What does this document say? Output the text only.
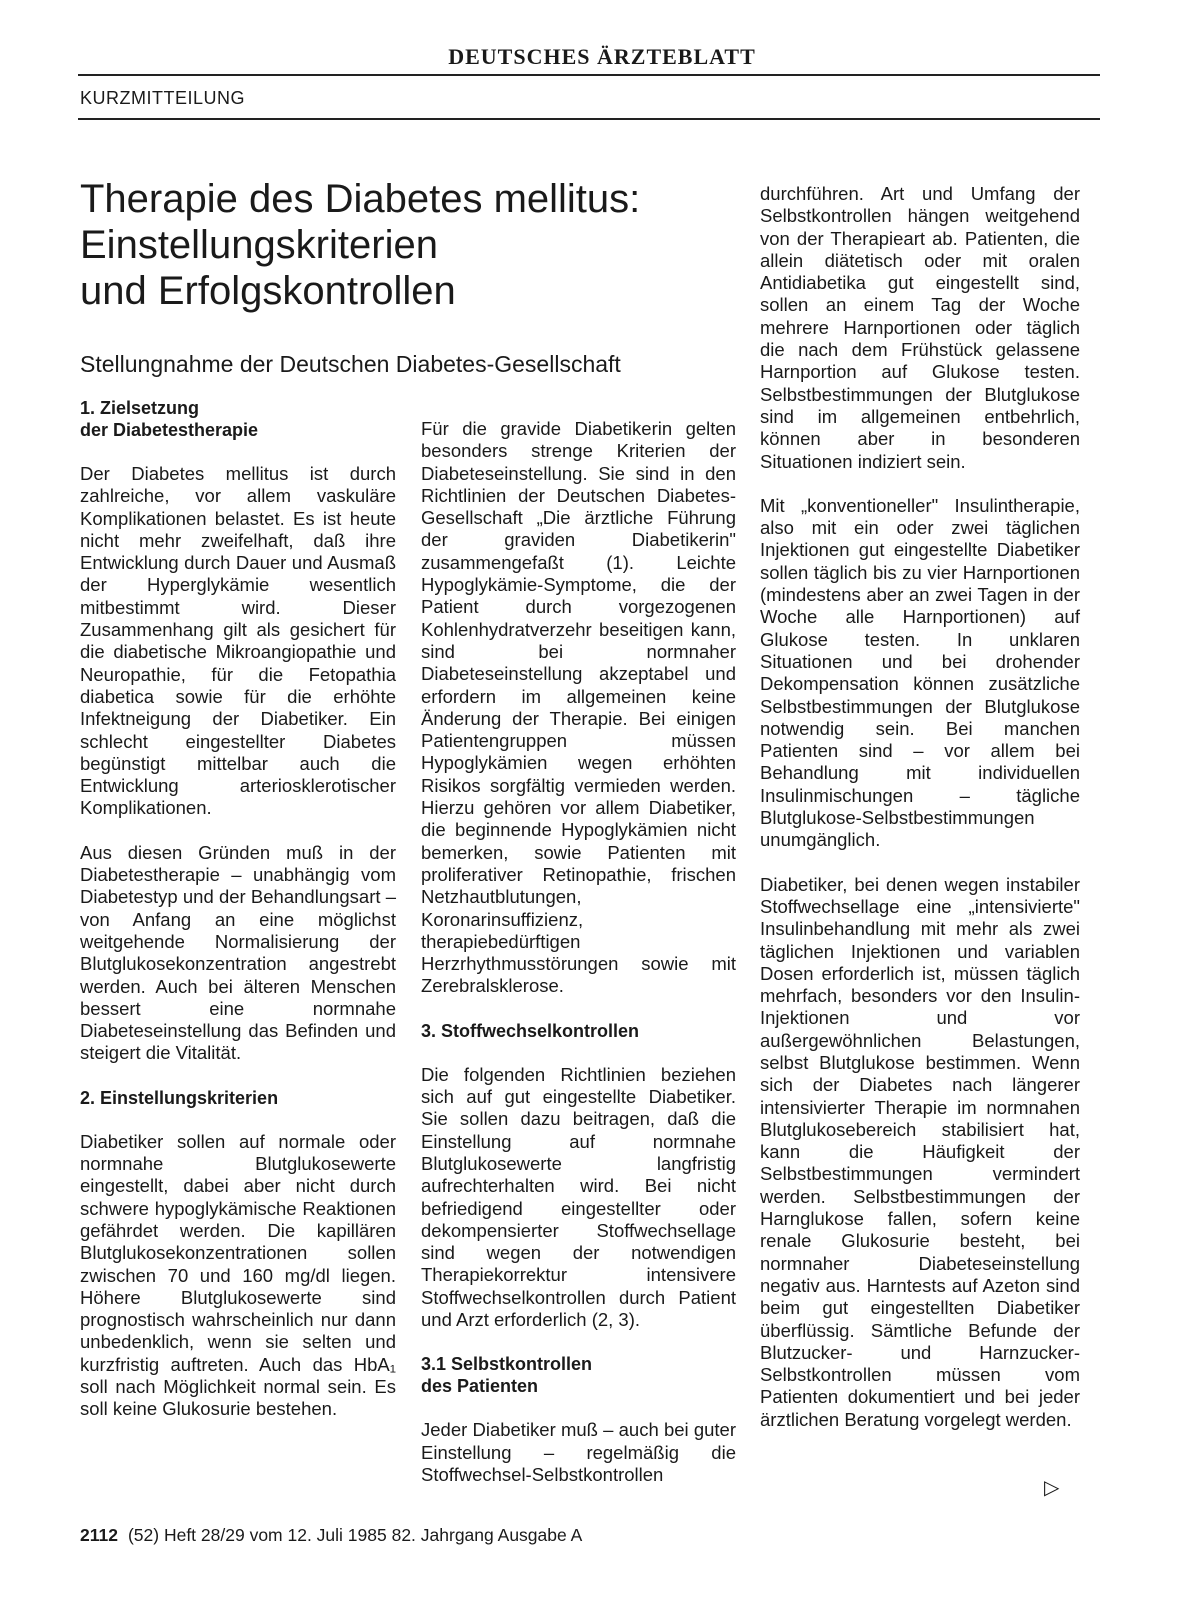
DEUTSCHES ÄRZTEBLATT
KURZMITTEILUNG
Therapie des Diabetes mellitus:
Einstellungskriterien
und Erfolgskontrollen
Stellungnahme der Deutschen Diabetes-Gesellschaft
1. Zielsetzung
der Diabetestherapie

Der Diabetes mellitus ist durch zahlreiche, vor allem vaskuläre Komplikationen belastet. Es ist heute nicht mehr zweifelhaft, daß ihre Entwicklung durch Dauer und Ausmaß der Hyperglykämie wesentlich mitbestimmt wird. Dieser Zusammenhang gilt als gesichert für die diabetische Mikroangiopathie und Neuropathie, für die Fetopathia diabetica sowie für die erhöhte Infektneigung der Diabetiker. Ein schlecht eingestellter Diabetes begünstigt mittelbar auch die Entwicklung arteriosklerotischer Komplikationen.

Aus diesen Gründen muß in der Diabetestherapie – unabhängig vom Diabetestyp und der Behandlungsart – von Anfang an eine möglichst weitgehende Normalisierung der Blutglukosekonzentration angestrebt werden. Auch bei älteren Menschen bessert eine normnahe Diabeteseinstellung das Befinden und steigert die Vitalität.

2. Einstellungskriterien

Diabetiker sollen auf normale oder normnahe Blutglukosewerte eingestellt, dabei aber nicht durch schwere hypoglykämische Reaktionen gefährdet werden. Die kapillären Blutglukosekonzentrationen sollen zwischen 70 und 160 mg/dl liegen. Höhere Blutglukosewerte sind prognostisch wahrscheinlich nur dann unbedenklich, wenn sie selten und kurzfristig auftreten. Auch das HbA₁ soll nach Möglichkeit normal sein. Es soll keine Glukosurie bestehen.

Für die gravide Diabetikerin gelten besonders strenge Kriterien der Diabeteseinstellung. Sie sind in den Richtlinien der Deutschen Diabetes-Gesellschaft „Die ärztliche Führung der graviden Diabetikerin" zusammengefaßt (1). Leichte Hypoglykämie-Symptome, die der Patient durch vorgezogenen Kohlenhydratverzehr beseitigen kann, sind bei normnaher Diabeteseinstellung akzeptabel und erfordern im allgemeinen keine Änderung der Therapie. Bei einigen Patientengruppen müssen Hypoglykämien wegen erhöhten Risikos sorgfältig vermieden werden. Hierzu gehören vor allem Diabetiker, die beginnende Hypoglykämien nicht bemerken, sowie Patienten mit proliferativer Retinopathie, frischen Netzhautblutungen, Koronarinsuffizienz, therapiebedürftigen Herzrhythmusstörungen sowie mit Zerebralsklerose.

3. Stoffwechselkontrollen

Die folgenden Richtlinien beziehen sich auf gut eingestellte Diabetiker. Sie sollen dazu beitragen, daß die Einstellung auf normnahe Blutglukosewerte langfristig aufrechterhalten wird. Bei nicht befriedigend eingestellter oder dekompensierter Stoffwechsellage sind wegen der notwendigen Therapiekorrektur intensivere Stoffwechselkontrollen durch Patient und Arzt erforderlich (2, 3).

3.1 Selbstkontrollen
des Patienten

Jeder Diabetiker muß – auch bei guter Einstellung – regelmäßig die Stoffwechsel-Selbstkontrollen

durchführen. Art und Umfang der Selbstkontrollen hängen weitgehend von der Therapieart ab. Patienten, die allein diätetisch oder mit oralen Antidiabetika gut eingestellt sind, sollen an einem Tag der Woche mehrere Harnportionen oder täglich die nach dem Frühstück gelassene Harnportion auf Glukose testen. Selbstbestimmungen der Blutglukose sind im allgemeinen entbehrlich, können aber in besonderen Situationen indiziert sein.

Mit „konventioneller" Insulintherapie, also mit ein oder zwei täglichen Injektionen gut eingestellte Diabetiker sollen täglich bis zu vier Harnportionen (mindestens aber an zwei Tagen in der Woche alle Harnportionen) auf Glukose testen. In unklaren Situationen und bei drohender Dekompensation können zusätzliche Selbstbestimmungen der Blutglukose notwendig sein. Bei manchen Patienten sind – vor allem bei Behandlung mit individuellen Insulinmischungen – tägliche Blutglukose-Selbstbestimmungen unumgänglich.

Diabetiker, bei denen wegen instabiler Stoffwechsellage eine „intensivierte" Insulinbehandlung mit mehr als zwei täglichen Injektionen und variablen Dosen erforderlich ist, müssen täglich mehrfach, besonders vor den Insulin-Injektionen und vor außergewöhnlichen Belastungen, selbst Blutglukose bestimmen. Wenn sich der Diabetes nach längerer intensivierter Therapie im normnahen Blutglukosebereich stabilisiert hat, kann die Häufigkeit der Selbstbestimmungen vermindert werden. Selbstbestimmungen der Harnglukose fallen, sofern keine renale Glukosurie besteht, bei normnaher Diabeteseinstellung negativ aus. Harntests auf Azeton sind beim gut eingestellten Diabetiker überflüssig. Sämtliche Befunde der Blutzucker- und Harnzucker-Selbstkontrollen müssen vom Patienten dokumentiert und bei jeder ärztlichen Beratung vorgelegt werden.

▷
2112 (52) Heft 28/29 vom 12. Juli 1985 82. Jahrgang Ausgabe A
